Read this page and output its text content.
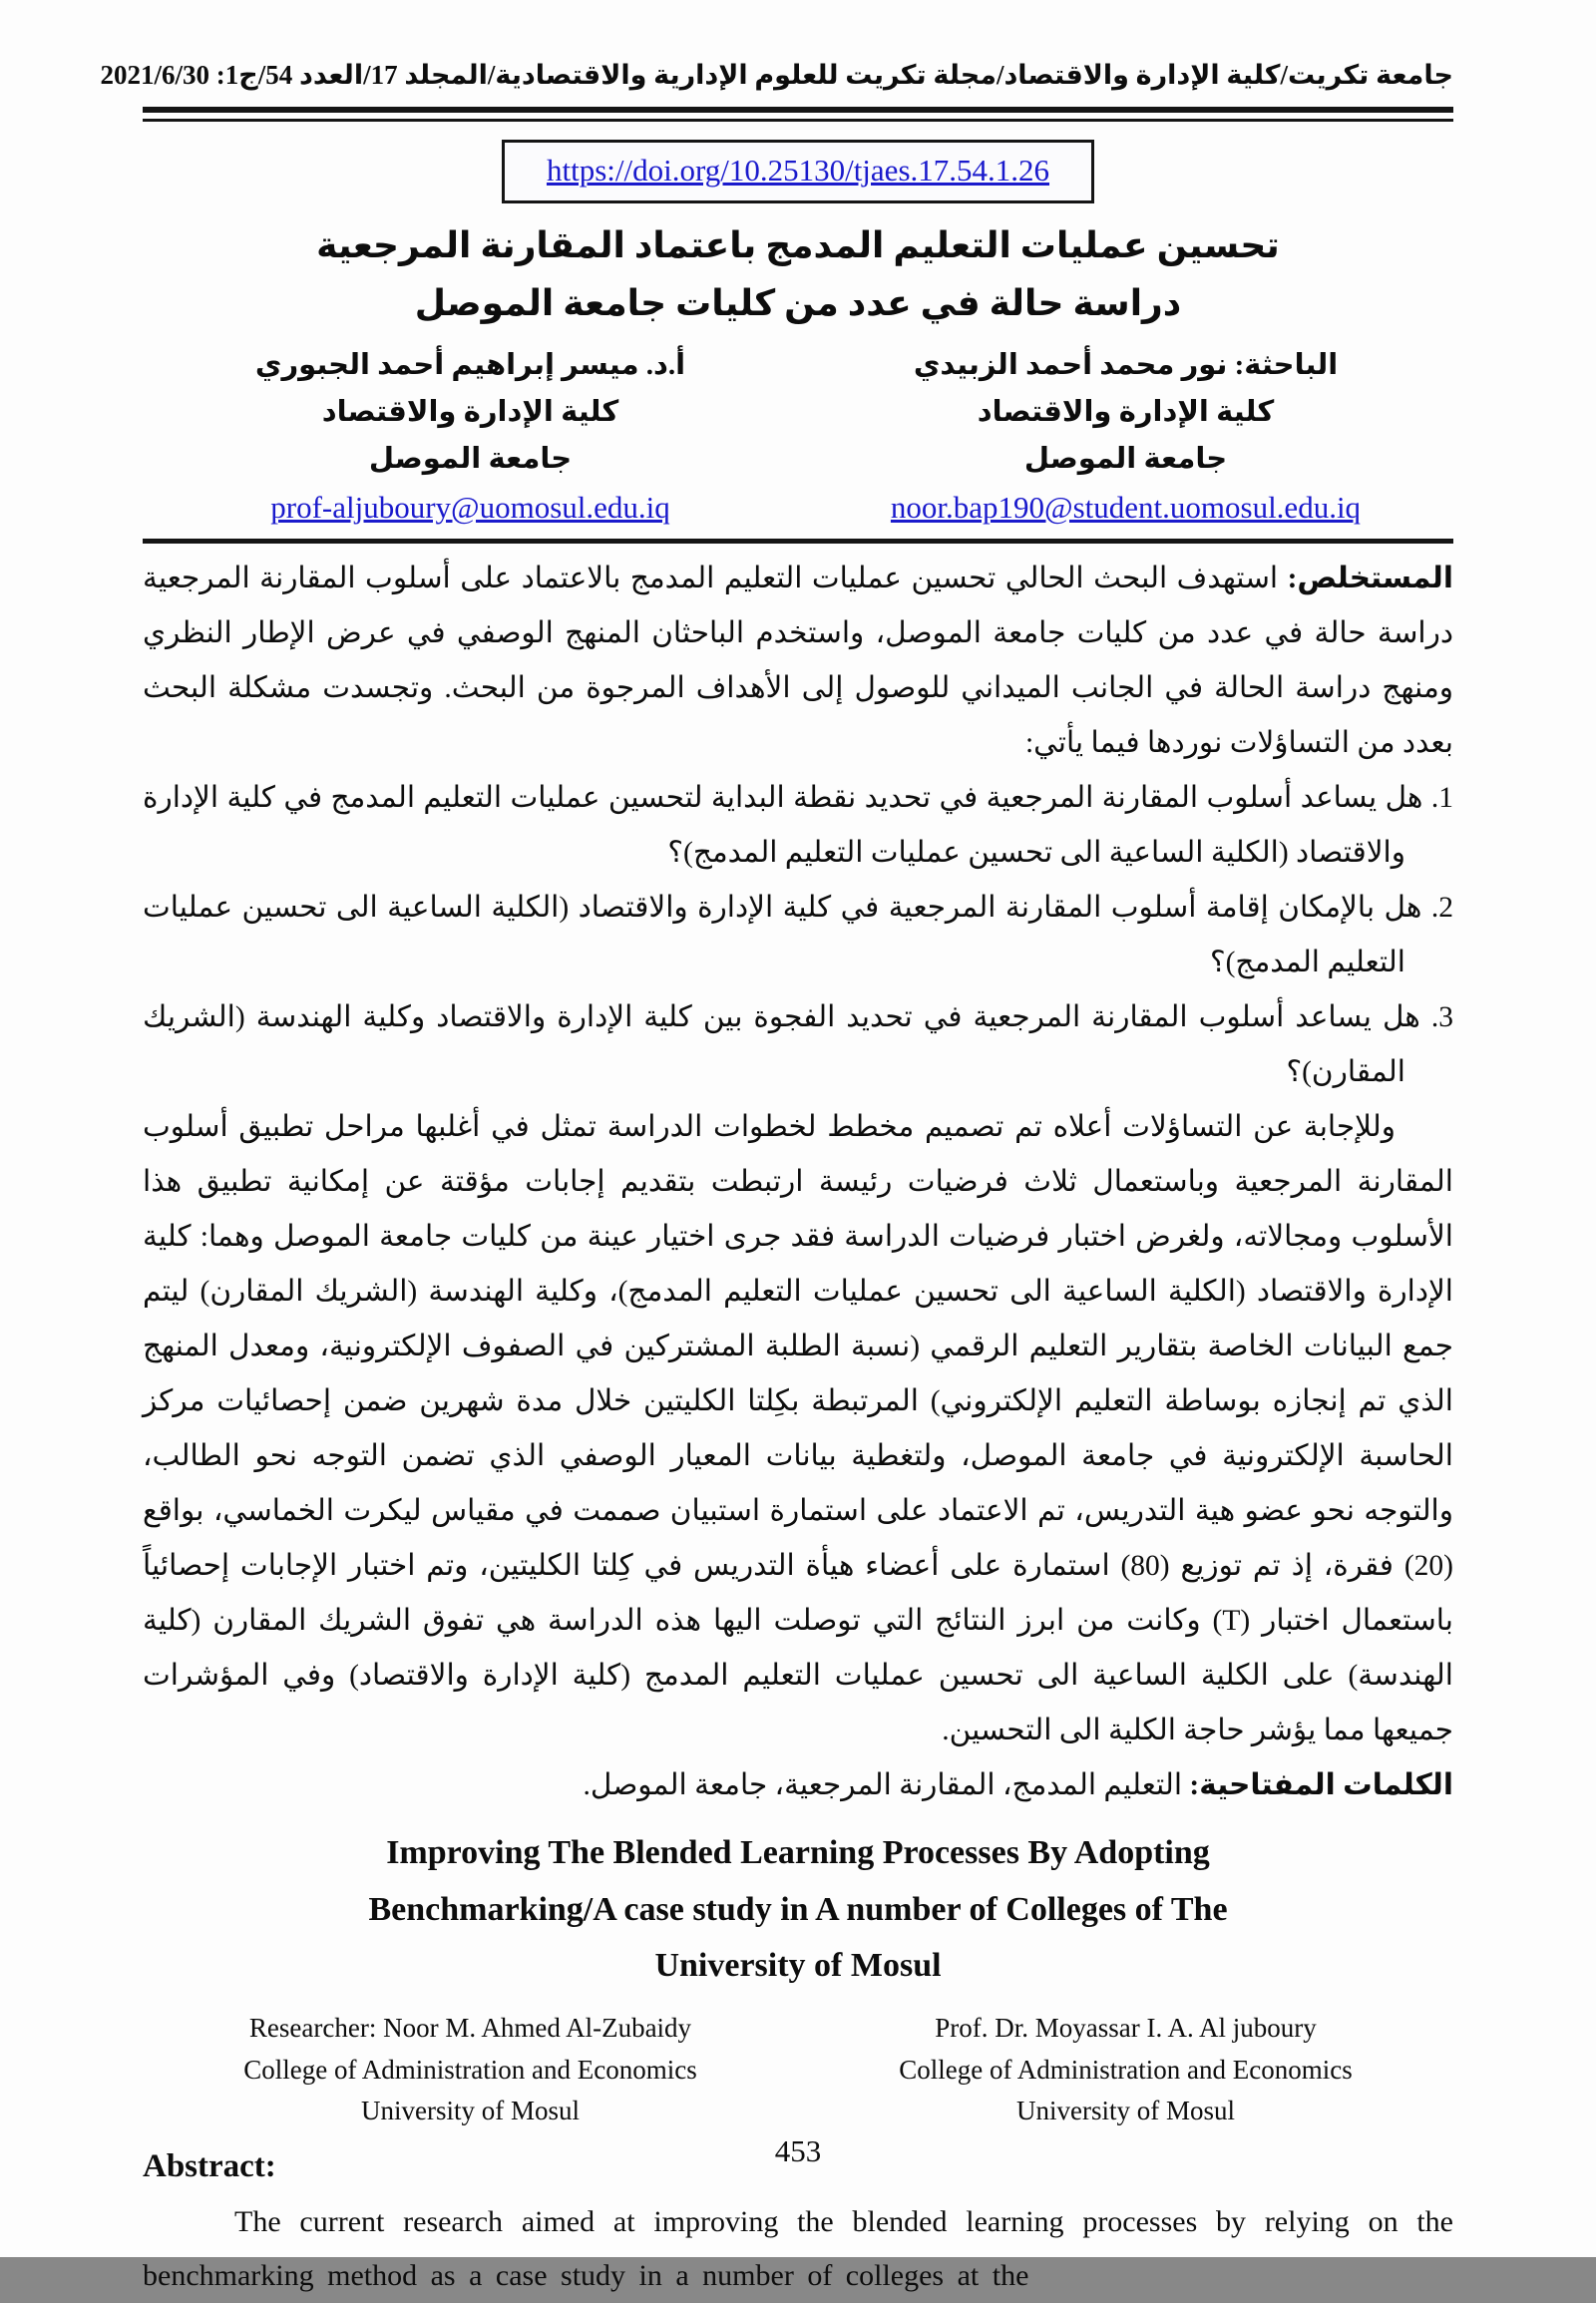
جامعة تكريت/كلية الإدارة والاقتصاد/مجلة تكريت للعلوم الإدارية والاقتصادية/المجلد 17/العدد 54/ج1: 2021/6/30
https://doi.org/10.25130/tjaes.17.54.1.26
تحسين عمليات التعليم المدمج باعتماد المقارنة المرجعية
دراسة حالة في عدد من كليات جامعة الموصل
الباحثة: نور محمد أحمد الزبيدي
كلية الإدارة والاقتصاد
جامعة الموصل
noor.bap190@student.uomosul.edu.iq
أ.د. ميسر إبراهيم أحمد الجبوري
كلية الإدارة والاقتصاد
جامعة الموصل
prof-aljuboury@uomosul.edu.iq

المستخلص: استهدف البحث الحالي تحسين عمليات التعليم المدمج بالاعتماد على أسلوب المقارنة المرجعية دراسة حالة في عدد من كليات جامعة الموصل، واستخدم الباحثان المنهج الوصفي في عرض الإطار النظري ومنهج دراسة الحالة في الجانب الميداني للوصول إلى الأهداف المرجوة من البحث. وتجسدت مشكلة البحث بعدد من التساؤلات نوردها فيما يأتي:

1. هل يساعد أسلوب المقارنة المرجعية في تحديد نقطة البداية لتحسين عمليات التعليم المدمج في كلية الإدارة والاقتصاد (الكلية الساعية الى تحسين عمليات التعليم المدمج)؟

2. هل بالإمكان إقامة أسلوب المقارنة المرجعية في كلية الإدارة والاقتصاد (الكلية الساعية الى تحسين عمليات التعليم المدمج)؟

3. هل يساعد أسلوب المقارنة المرجعية في تحديد الفجوة بين كلية الإدارة والاقتصاد وكلية الهندسة (الشريك المقارن)؟

وللإجابة عن التساؤلات أعلاه تم تصميم مخطط لخطوات الدراسة تمثل في أغلبها مراحل تطبيق أسلوب المقارنة المرجعية وباستعمال ثلاث فرضيات رئيسة ارتبطت بتقديم إجابات مؤقتة عن إمكانية تطبيق هذا الأسلوب ومجالاته، ولغرض اختبار فرضيات الدراسة فقد جرى اختيار عينة من كليات جامعة الموصل وهما: كلية الإدارة والاقتصاد (الكلية الساعية الى تحسين عمليات التعليم المدمج)، وكلية الهندسة (الشريك المقارن) ليتم جمع البيانات الخاصة بتقارير التعليم الرقمي (نسبة الطلبة المشتركين في الصفوف الإلكترونية، ومعدل المنهج الذي تم إنجازه بوساطة التعليم الإلكتروني) المرتبطة بكِلتا الكليتين خلال مدة شهرين ضمن إحصائيات مركز الحاسبة الإلكترونية في جامعة الموصل، ولتغطية بيانات المعيار الوصفي الذي تضمن التوجه نحو الطالب، والتوجه نحو عضو هية التدريس، تم الاعتماد على استمارة استبيان صممت في مقياس ليكرت الخماسي، بواقع (20) فقرة، إذ تم توزيع (80) استمارة على أعضاء هيأة التدريس في كِلتا الكليتين، وتم اختبار الإجابات إحصائياً باستعمال اختبار (T) وكانت من ابرز النتائج التي توصلت اليها هذه الدراسة هي تفوق الشريك المقارن (كلية الهندسة) على الكلية الساعية الى تحسين عمليات التعليم المدمج (كلية الإدارة والاقتصاد) وفي المؤشرات جميعها مما يؤشر حاجة الكلية الى التحسين.

الكلمات المفتاحية: التعليم المدمج، المقارنة المرجعية، جامعة الموصل.

Improving The Blended Learning Processes By Adopting
Benchmarking/A case study in A number of Colleges of The
University of Mosul
Researcher: Noor M. Ahmed Al-Zubaidy
College of Administration and Economics
University of Mosul
Prof. Dr. Moyassar I. A. Al juboury
College of Administration and Economics
University of Mosul
Abstract:

The current research aimed at improving the blended learning processes by relying on the benchmarking method as a case study in a number of colleges at the

453
